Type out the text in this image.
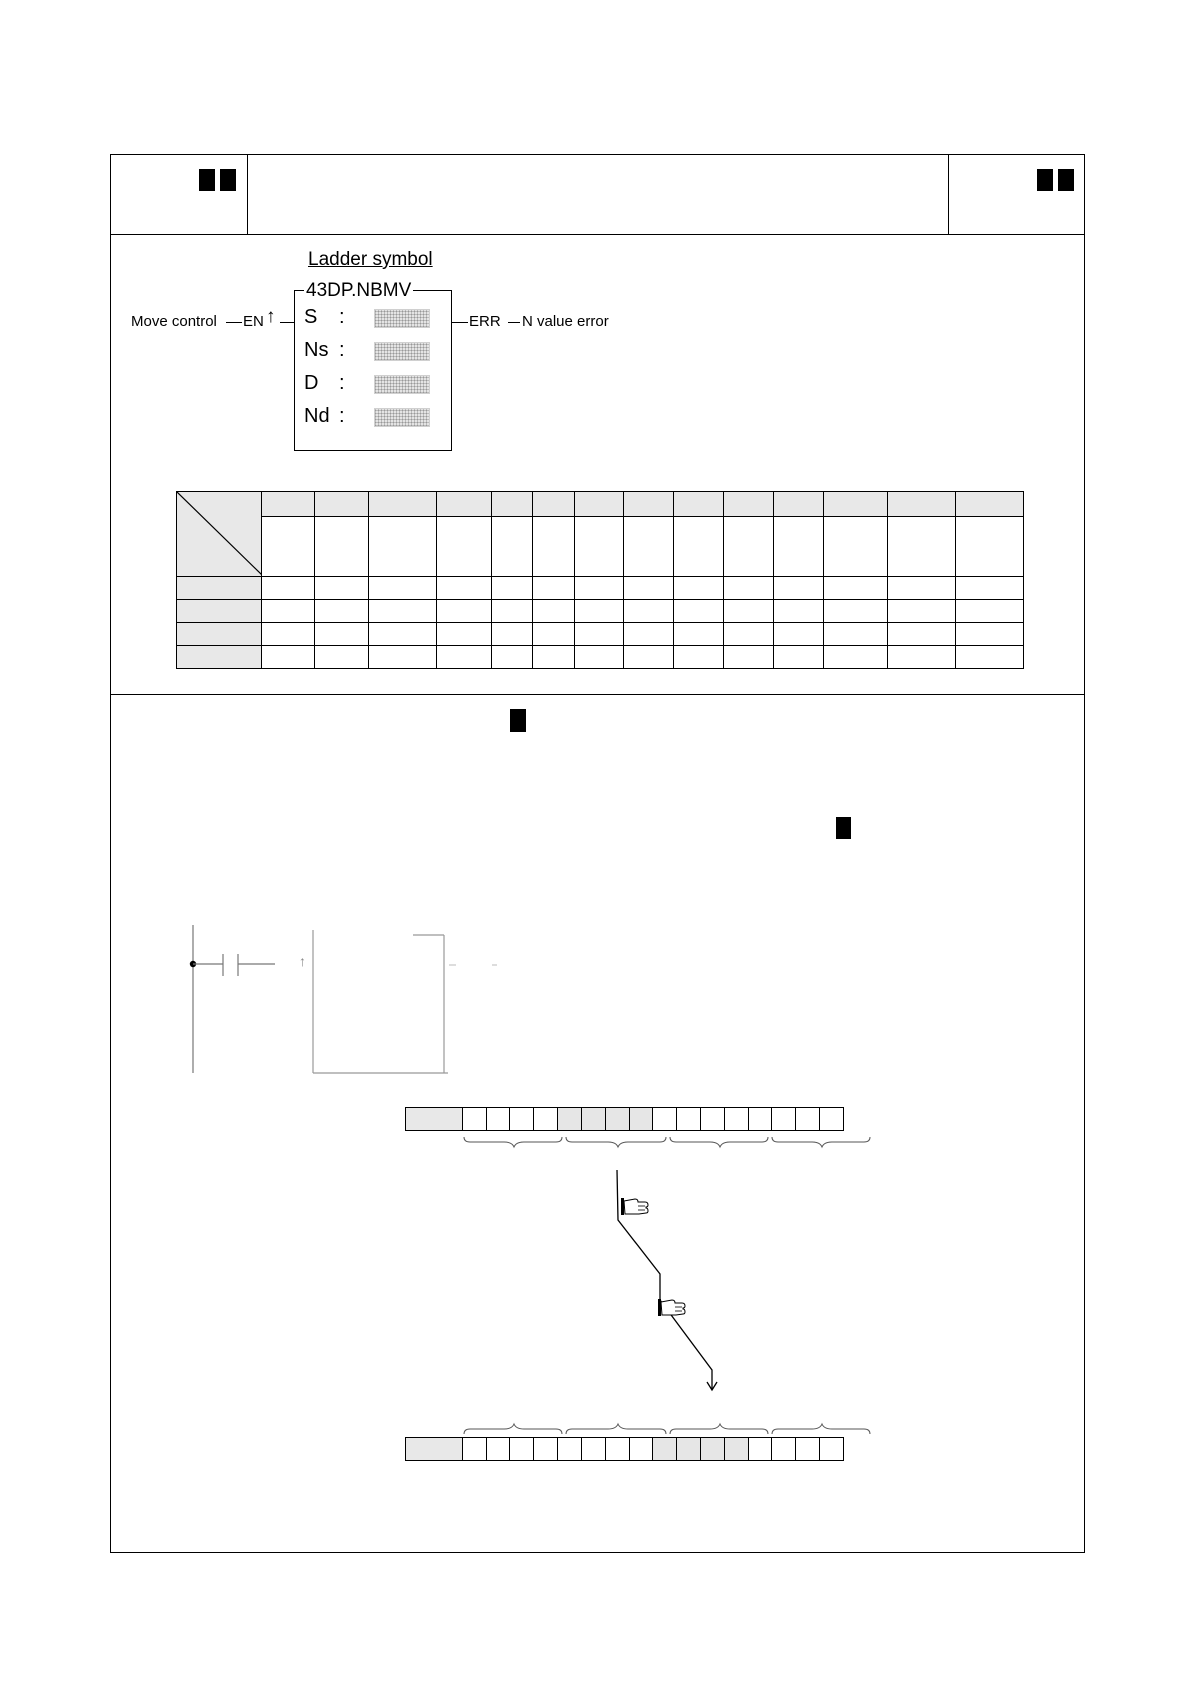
Ladder symbol
43DP.NBMV
Move control EN ↑	ERR N value error
S :
Ns :
D :
Nd :

↑
